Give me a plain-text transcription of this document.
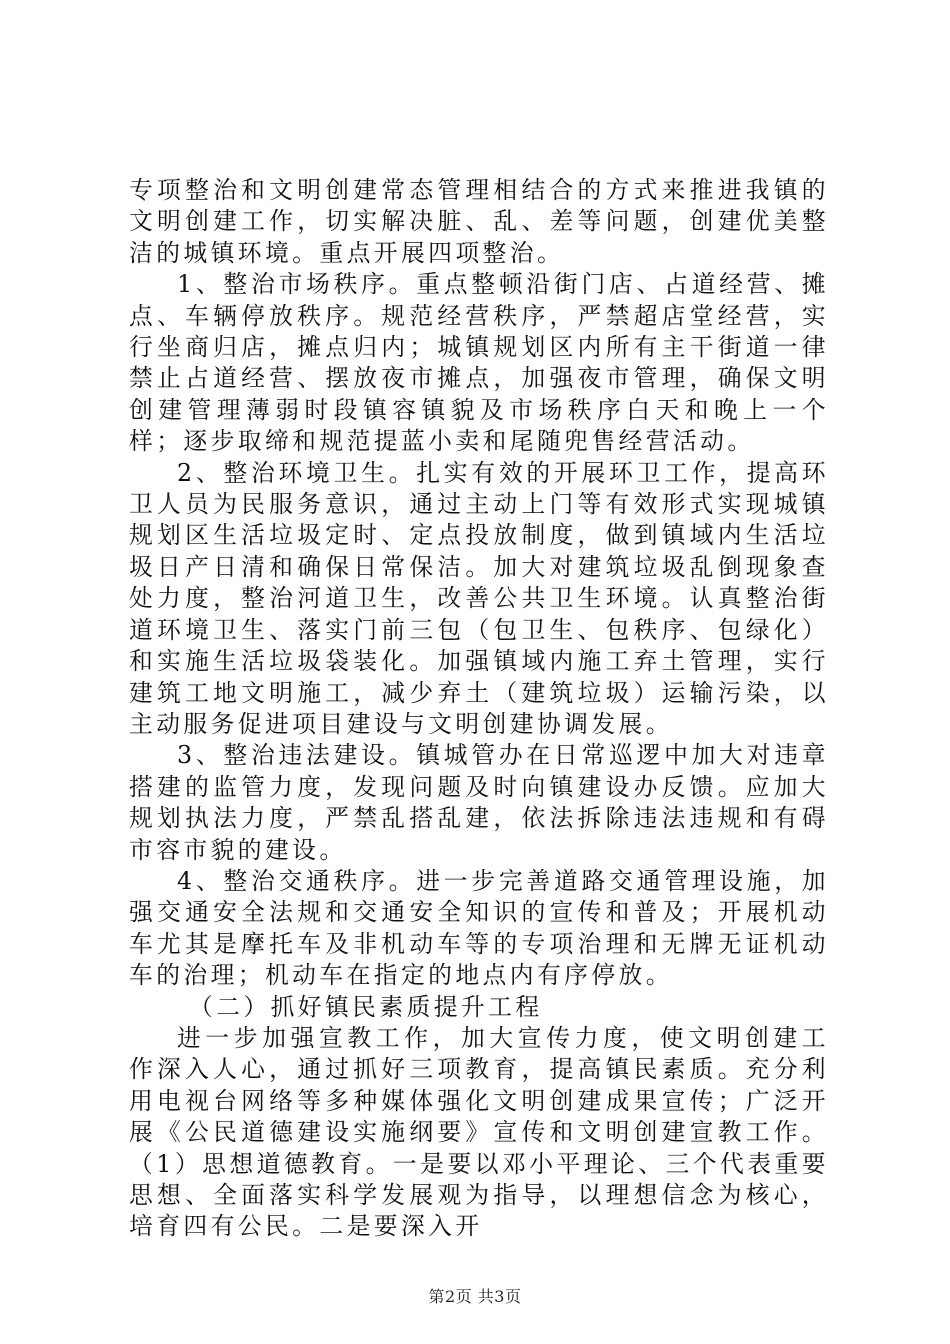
专项整治和文明创建常态管理相结合的方式来推进我镇的文明创建工作，切实解决脏、乱、差等问题，创建优美整洁的城镇环境。重点开展四项整治。

1、整治市场秩序。重点整顿沿街门店、占道经营、摊点、车辆停放秩序。规范经营秩序，严禁超店堂经营，实行坐商归店，摊点归内；城镇规划区内所有主干街道一律禁止占道经营、摆放夜市摊点，加强夜市管理，确保文明创建管理薄弱时段镇容镇貌及市场秩序白天和晚上一个样；逐步取缔和规范提蓝小卖和尾随兜售经营活动。

2、整治环境卫生。扎实有效的开展环卫工作，提高环卫人员为民服务意识，通过主动上门等有效形式实现城镇规划区生活垃圾定时、定点投放制度，做到镇域内生活垃圾日产日清和确保日常保洁。加大对建筑垃圾乱倒现象查处力度，整治河道卫生，改善公共卫生环境。认真整治街道环境卫生、落实门前三包（包卫生、包秩序、包绿化）和实施生活垃圾袋装化。加强镇域内施工弃土管理，实行建筑工地文明施工，减少弃土（建筑垃圾）运输污染，以主动服务促进项目建设与文明创建协调发展。

3、整治违法建设。镇城管办在日常巡逻中加大对违章搭建的监管力度，发现问题及时向镇建设办反馈。应加大规划执法力度，严禁乱搭乱建，依法拆除违法违规和有碍市容市貌的建设。

4、整治交通秩序。进一步完善道路交通管理设施，加强交通安全法规和交通安全知识的宣传和普及；开展机动车尤其是摩托车及非机动车等的专项治理和无牌无证机动车的治理；机动车在指定的地点内有序停放。

（二）抓好镇民素质提升工程

进一步加强宣教工作，加大宣传力度，使文明创建工作深入人心，通过抓好三项教育，提高镇民素质。充分利用电视台网络等多种媒体强化文明创建成果宣传；广泛开展《公民道德建设实施纲要》宣传和文明创建宣教工作。（1）思想道德教育。一是要以邓小平理论、三个代表重要思想、全面落实科学发展观为指导，以理想信念为核心，培育四有公民。二是要深入开

第2页 共3页
